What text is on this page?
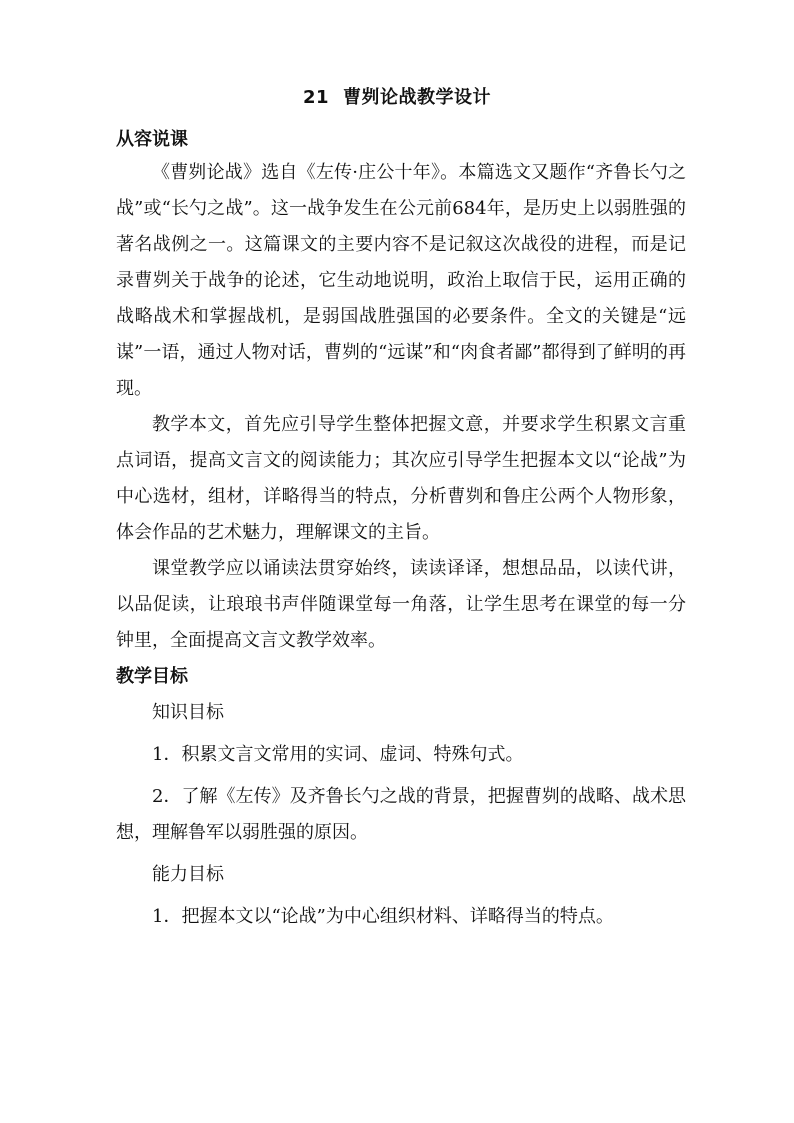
21 曹刿论战教学设计
从容说课

《曹刿论战》选自《左传·庄公十年》。本篇选文又题作“齐鲁长勺之战”或“长勺之战”。这一战争发生在公元前684年，是历史上以弱胜强的著名战例之一。这篇课文的主要内容不是记叙这次战役的进程，而是记录曹刿关于战争的论述，它生动地说明，政治上取信于民，运用正确的战略战术和掌握战机，是弱国战胜强国的必要条件。全文的关键是“远谋”一语，通过人物对话，曹刿的“远谋”和“肉食者鄙”都得到了鲜明的再现。

教学本文，首先应引导学生整体把握文意，并要求学生积累文言重点词语，提高文言文的阅读能力；其次应引导学生把握本文以“论战”为中心选材，组材，详略得当的特点，分析曹刿和鲁庄公两个人物形象，体会作品的艺术魅力，理解课文的主旨。

课堂教学应以诵读法贯穿始终，读读译译，想想品品，以读代讲，以品促读，让琅琅书声伴随课堂每一角落，让学生思考在课堂的每一分钟里，全面提高文言文教学效率。

教学目标

知识目标

1．积累文言文常用的实词、虚词、特殊句式。

2．了解《左传》及齐鲁长勺之战的背景，把握曹刿的战略、战术思想，理解鲁军以弱胜强的原因。

能力目标

1．把握本文以“论战”为中心组织材料、详略得当的特点。
